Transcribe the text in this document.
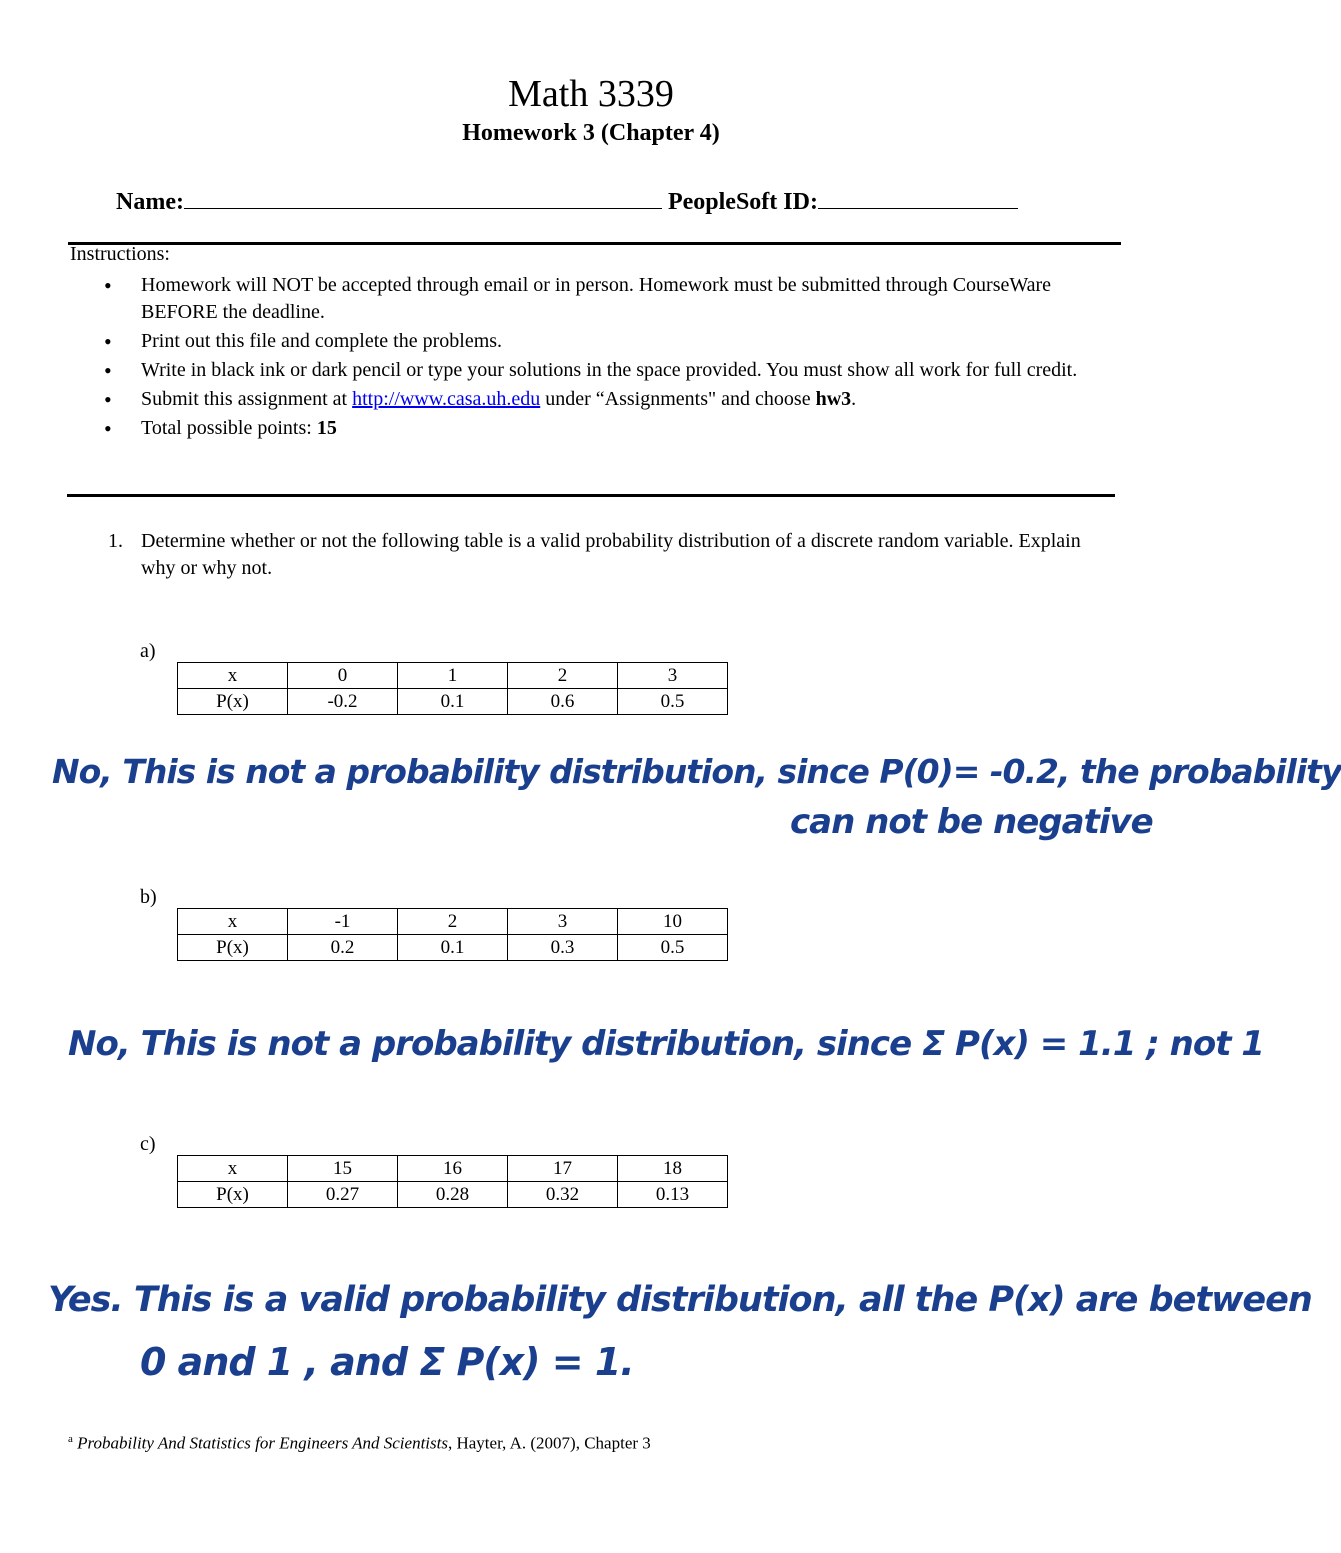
Math 3339
Homework 3 (Chapter 4)
Name:	PeopleSoft ID:
Instructions:
• Homework will NOT be accepted through email or in person. Homework must be submitted through CourseWare BEFORE the deadline.
• Print out this file and complete the problems.
• Write in black ink or dark pencil or type your solutions in the space provided. You must show all work for full credit.
• Submit this assignment at http://www.casa.uh.edu under “Assignments" and choose hw3.
• Total possible points: 15
1. Determine whether or not the following table is a valid probability distribution of a discrete random variable. Explain why or why not.
a)
x	0	1	2	3
P(x)	-0.2	0.1	0.6	0.5
No, This is not a probability distribution, since P(0)= -0.2, the probability
can not be negative
b)
x	-1	2	3	10
P(x)	0.2	0.1	0.3	0.5
No, This is not a probability distribution, since Σ P(x) = 1.1 ; not 1
c)
x	15	16	17	18
P(x)	0.27	0.28	0.32	0.13
Yes. This is a valid probability distribution, all the P(x) are between
0 and 1 , and Σ P(x) = 1.
$^a$ Probability And Statistics for Engineers And Scientists, Hayter, A. (2007), Chapter 3
